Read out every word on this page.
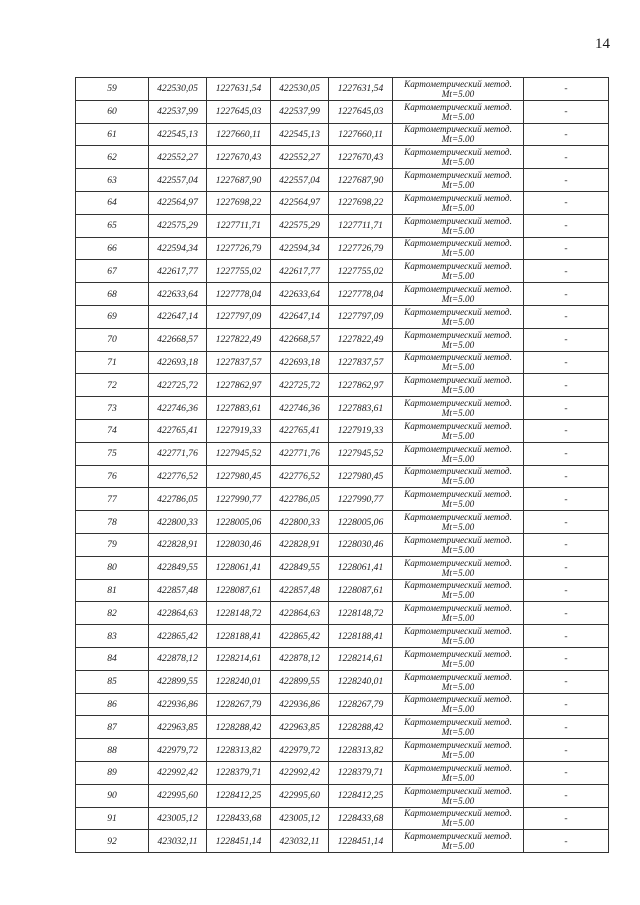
14
59	422530,05	1227631,54	422530,05	1227631,54	Картометрический метод.
Mt=5.00	-
60	422537,99	1227645,03	422537,99	1227645,03	Картометрический метод.
Mt=5.00	-
61	422545,13	1227660,11	422545,13	1227660,11	Картометрический метод.
Mt=5.00	-
62	422552,27	1227670,43	422552,27	1227670,43	Картометрический метод.
Mt=5.00	-
63	422557,04	1227687,90	422557,04	1227687,90	Картометрический метод.
Mt=5.00	-
64	422564,97	1227698,22	422564,97	1227698,22	Картометрический метод.
Mt=5.00	-
65	422575,29	1227711,71	422575,29	1227711,71	Картометрический метод.
Mt=5.00	-
66	422594,34	1227726,79	422594,34	1227726,79	Картометрический метод.
Mt=5.00	-
67	422617,77	1227755,02	422617,77	1227755,02	Картометрический метод.
Mt=5.00	-
68	422633,64	1227778,04	422633,64	1227778,04	Картометрический метод.
Mt=5.00	-
69	422647,14	1227797,09	422647,14	1227797,09	Картометрический метод.
Mt=5.00	-
70	422668,57	1227822,49	422668,57	1227822,49	Картометрический метод.
Mt=5.00	-
71	422693,18	1227837,57	422693,18	1227837,57	Картометрический метод.
Mt=5.00	-
72	422725,72	1227862,97	422725,72	1227862,97	Картометрический метод.
Mt=5.00	-
73	422746,36	1227883,61	422746,36	1227883,61	Картометрический метод.
Mt=5.00	-
74	422765,41	1227919,33	422765,41	1227919,33	Картометрический метод.
Mt=5.00	-
75	422771,76	1227945,52	422771,76	1227945,52	Картометрический метод.
Mt=5.00	-
76	422776,52	1227980,45	422776,52	1227980,45	Картометрический метод.
Mt=5.00	-
77	422786,05	1227990,77	422786,05	1227990,77	Картометрический метод.
Mt=5.00	-
78	422800,33	1228005,06	422800,33	1228005,06	Картометрический метод.
Mt=5.00	-
79	422828,91	1228030,46	422828,91	1228030,46	Картометрический метод.
Mt=5.00	-
80	422849,55	1228061,41	422849,55	1228061,41	Картометрический метод.
Mt=5.00	-
81	422857,48	1228087,61	422857,48	1228087,61	Картометрический метод.
Mt=5.00	-
82	422864,63	1228148,72	422864,63	1228148,72	Картометрический метод.
Mt=5.00	-
83	422865,42	1228188,41	422865,42	1228188,41	Картометрический метод.
Mt=5.00	-
84	422878,12	1228214,61	422878,12	1228214,61	Картометрический метод.
Mt=5.00	-
85	422899,55	1228240,01	422899,55	1228240,01	Картометрический метод.
Mt=5.00	-
86	422936,86	1228267,79	422936,86	1228267,79	Картометрический метод.
Mt=5.00	-
87	422963,85	1228288,42	422963,85	1228288,42	Картометрический метод.
Mt=5.00	-
88	422979,72	1228313,82	422979,72	1228313,82	Картометрический метод.
Mt=5.00	-
89	422992,42	1228379,71	422992,42	1228379,71	Картометрический метод.
Mt=5.00	-
90	422995,60	1228412,25	422995,60	1228412,25	Картометрический метод.
Mt=5.00	-
91	423005,12	1228433,68	423005,12	1228433,68	Картометрический метод.
Mt=5.00	-
92	423032,11	1228451,14	423032,11	1228451,14	Картометрический метод.
Mt=5.00	-
